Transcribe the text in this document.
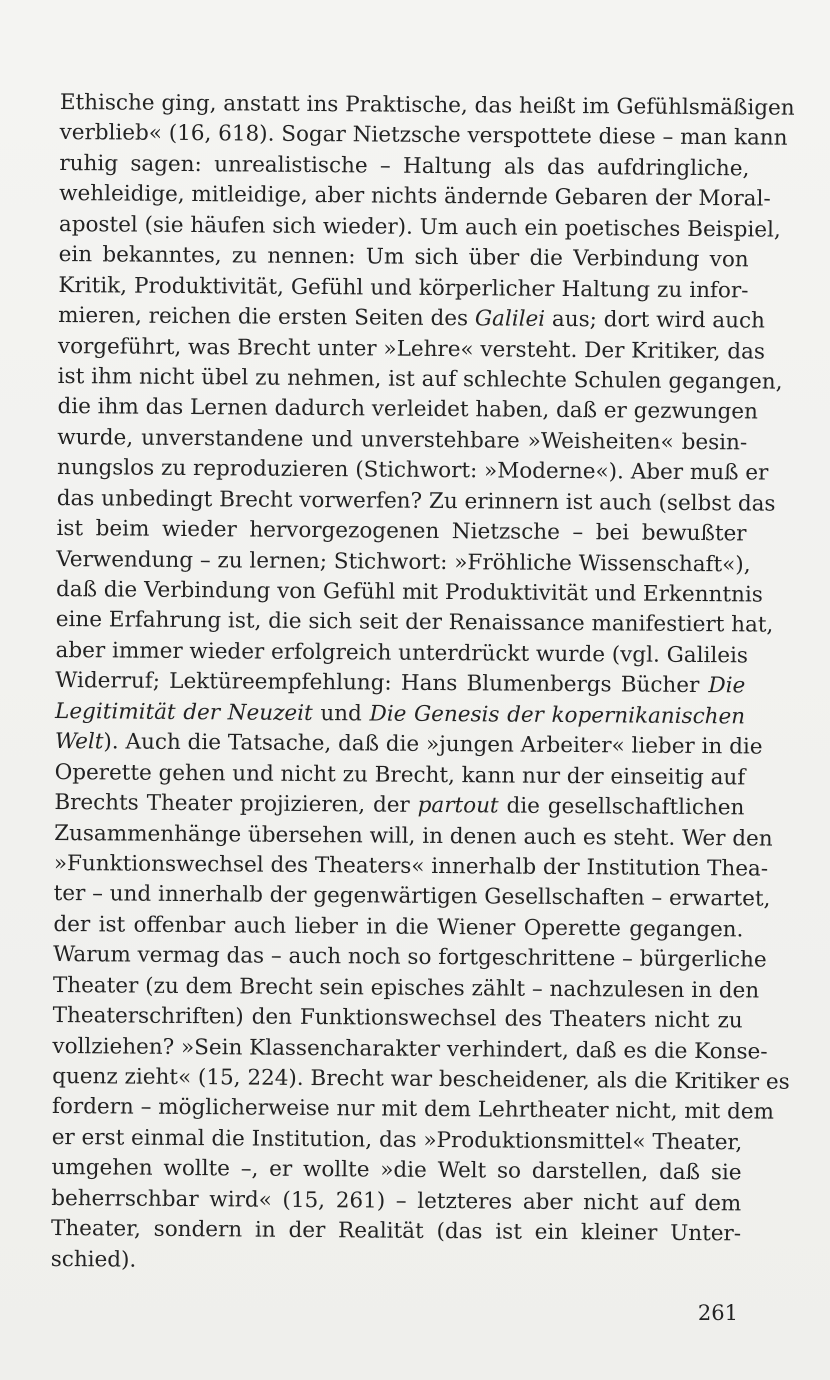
Ethische ging, anstatt ins Praktische, das heißt im Gefühlsmäßigen
verblieb« (16, 618). Sogar Nietzsche verspottete diese – man kann
ruhig sagen: unrealistische – Haltung als das aufdringliche,
wehleidige, mitleidige, aber nichts ändernde Gebaren der Moral-
apostel (sie häufen sich wieder). Um auch ein poetisches Beispiel,
ein bekanntes, zu nennen: Um sich über die Verbindung von
Kritik, Produktivität, Gefühl und körperlicher Haltung zu infor-
mieren, reichen die ersten Seiten des Galilei aus; dort wird auch
vorgeführt, was Brecht unter »Lehre« versteht. Der Kritiker, das
ist ihm nicht übel zu nehmen, ist auf schlechte Schulen gegangen,
die ihm das Lernen dadurch verleidet haben, daß er gezwungen
wurde, unverstandene und unverstehbare »Weisheiten« besin-
nungslos zu reproduzieren (Stichwort: »Moderne«). Aber muß er
das unbedingt Brecht vorwerfen? Zu erinnern ist auch (selbst das
ist beim wieder hervorgezogenen Nietzsche – bei bewußter
Verwendung – zu lernen; Stichwort: »Fröhliche Wissenschaft«),
daß die Verbindung von Gefühl mit Produktivität und Erkenntnis
eine Erfahrung ist, die sich seit der Renaissance manifestiert hat,
aber immer wieder erfolgreich unterdrückt wurde (vgl. Galileis
Widerruf; Lektüreempfehlung: Hans Blumenbergs Bücher Die
Legitimität der Neuzeit und Die Genesis der kopernikanischen
Welt). Auch die Tatsache, daß die »jungen Arbeiter« lieber in die
Operette gehen und nicht zu Brecht, kann nur der einseitig auf
Brechts Theater projizieren, der partout die gesellschaftlichen
Zusammenhänge übersehen will, in denen auch es steht. Wer den
»Funktionswechsel des Theaters« innerhalb der Institution Thea-
ter – und innerhalb der gegenwärtigen Gesellschaften – erwartet,
der ist offenbar auch lieber in die Wiener Operette gegangen.
Warum vermag das – auch noch so fortgeschrittene – bürgerliche
Theater (zu dem Brecht sein episches zählt – nachzulesen in den
Theaterschriften) den Funktionswechsel des Theaters nicht zu
vollziehen? »Sein Klassencharakter verhindert, daß es die Konse-
quenz zieht« (15, 224). Brecht war bescheidener, als die Kritiker es
fordern – möglicherweise nur mit dem Lehrtheater nicht, mit dem
er erst einmal die Institution, das »Produktionsmittel« Theater,
umgehen wollte –, er wollte »die Welt so darstellen, daß sie
beherrschbar wird« (15, 261) – letzteres aber nicht auf dem
Theater, sondern in der Realität (das ist ein kleiner Unter-
schied).
261
